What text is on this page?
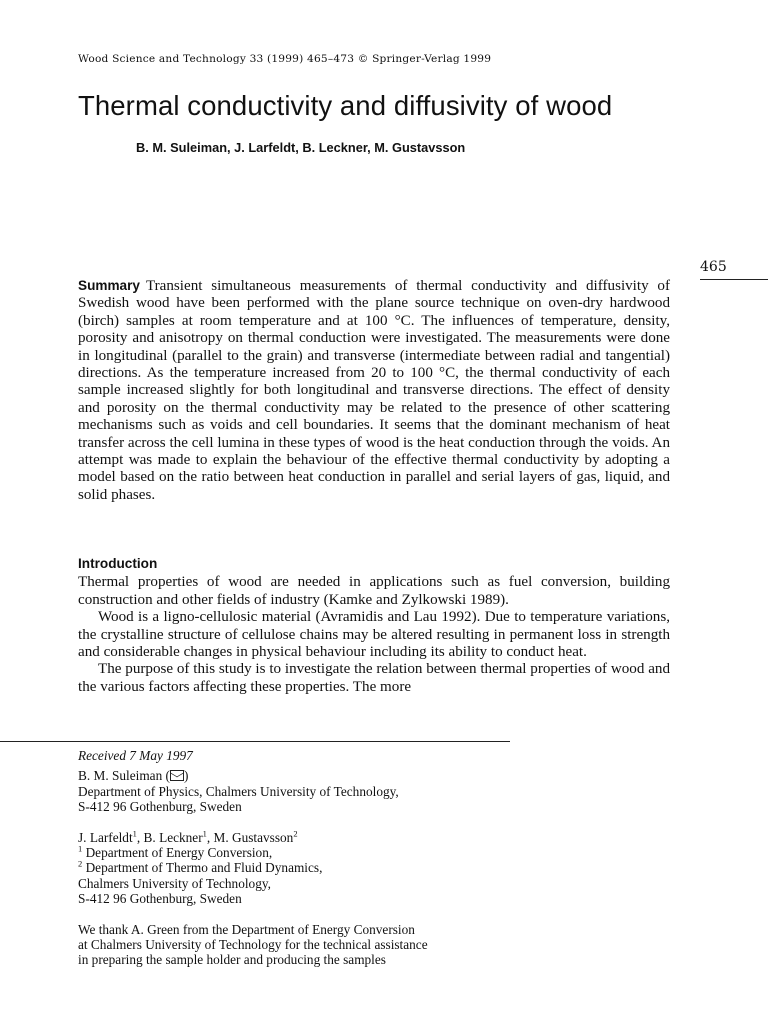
Wood Science and Technology 33 (1999) 465–473 © Springer-Verlag 1999
Thermal conductivity and diffusivity of wood
B. M. Suleiman, J. Larfeldt, B. Leckner, M. Gustavsson
465
Summary Transient simultaneous measurements of thermal conductivity and diffusivity of Swedish wood have been performed with the plane source technique on oven-dry hardwood (birch) samples at room temperature and at 100 °C. The influences of temperature, density, porosity and anisotropy on thermal conduction were investigated. The measurements were done in longitudinal (parallel to the grain) and transverse (intermediate between radial and tangential) directions. As the temperature increased from 20 to 100 °C, the thermal conductivity of each sample increased slightly for both longitudinal and transverse directions. The effect of density and porosity on the thermal conductivity may be related to the presence of other scattering mechanisms such as voids and cell boundaries. It seems that the dominant mechanism of heat transfer across the cell lumina in these types of wood is the heat conduction through the voids. An attempt was made to explain the behaviour of the effective thermal conductivity by adopting a model based on the ratio between heat conduction in parallel and serial layers of gas, liquid, and solid phases.
Introduction

Thermal properties of wood are needed in applications such as fuel conversion, building construction and other fields of industry (Kamke and Zylkowski 1989).

Wood is a ligno-cellulosic material (Avramidis and Lau 1992). Due to temperature variations, the crystalline structure of cellulose chains may be altered resulting in permanent loss in strength and considerable changes in physical behaviour including its ability to conduct heat.

The purpose of this study is to investigate the relation between thermal properties of wood and the various factors affecting these properties. The more

Received 7 May 1997

B. M. Suleiman ( )

Department of Physics, Chalmers University of Technology,

S-412 96 Gothenburg, Sweden

J. Larfeldt$^1$, B. Leckner$^1$, M. Gustavsson$^2$

$^1$ Department of Energy Conversion,

$^2$ Department of Thermo and Fluid Dynamics,

Chalmers University of Technology,

S-412 96 Gothenburg, Sweden

We thank A. Green from the Department of Energy Conversion

at Chalmers University of Technology for the technical assistance

in preparing the sample holder and producing the samples
